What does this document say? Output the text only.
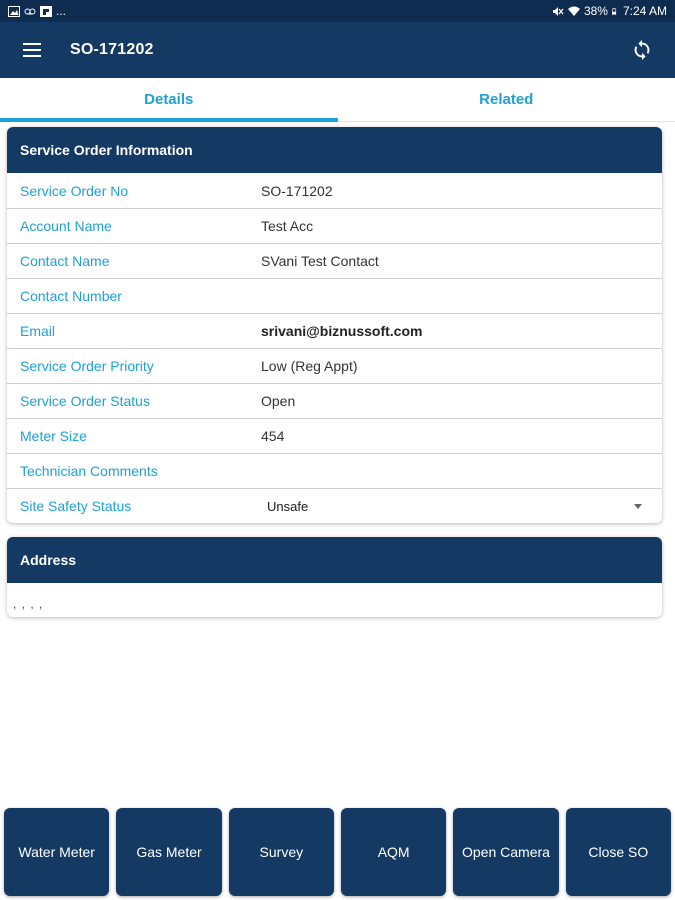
...	38% 7:24 AM
SO-171202
Details	Related
Service Order Information
Service Order No	SO-171202
Account Name	Test Acc
Contact Name	SVani Test Contact
Contact Number
Email	srivani@biznussoft.com
Service Order Priority	Low (Reg Appt)
Service Order Status	Open
Meter Size	454
Technician Comments
Site Safety Status	Unsafe
Address
, , , ,
Water Meter	Gas Meter	Survey	AQM	Open Camera	Close SO
